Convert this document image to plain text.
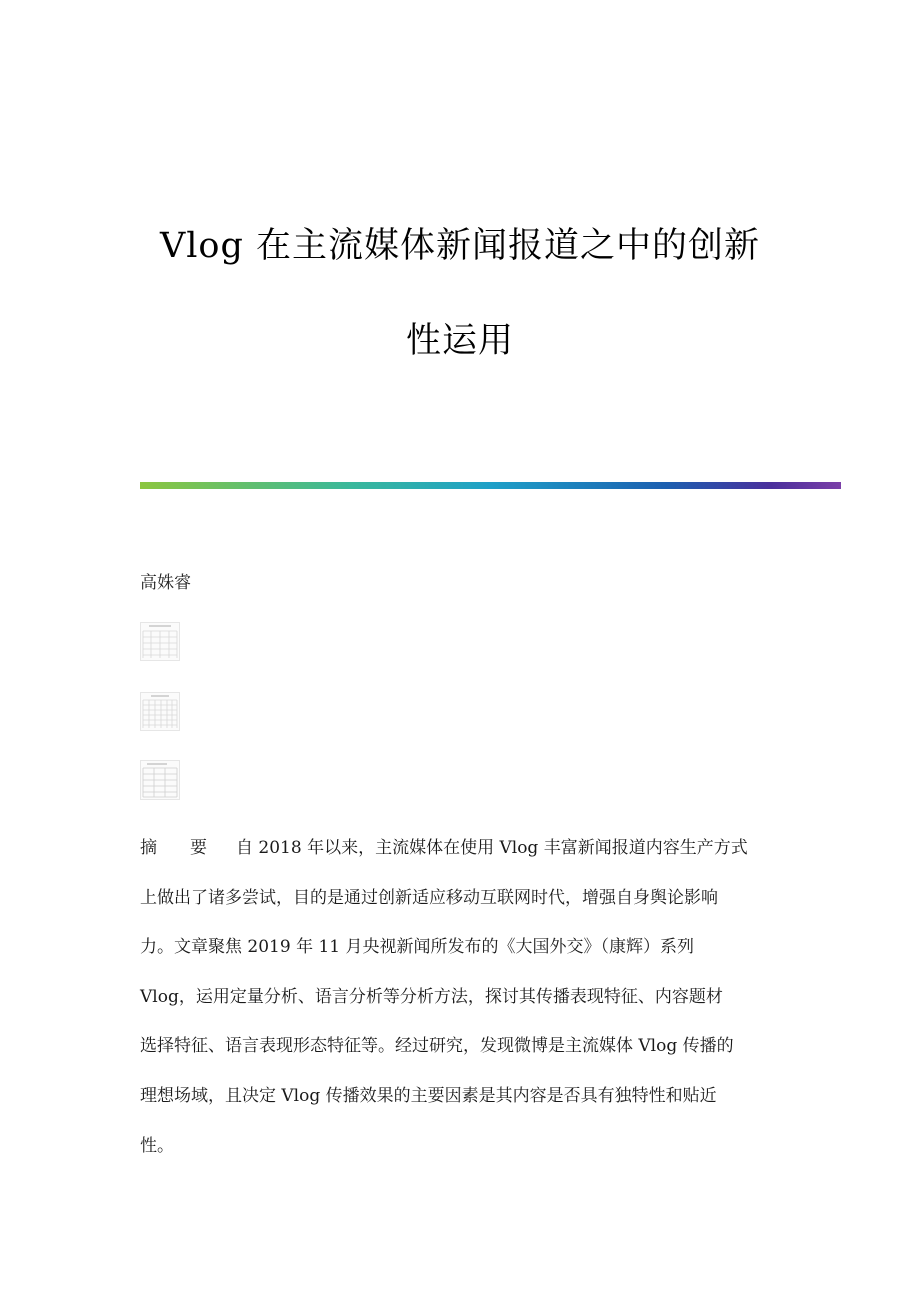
Vlog 在主流媒体新闻报道之中的创新
性运用
高姝睿
摘 要 自 2018 年以来，主流媒体在使用 Vlog 丰富新闻报道内容生产方式
上做出了诸多尝试，目的是通过创新适应移动互联网时代，增强自身舆论影响
力。文章聚焦 2019 年 11 月央视新闻所发布的《大国外交》（康辉）系列
Vlog，运用定量分析、语言分析等分析方法，探讨其传播表现特征、内容题材
选择特征、语言表现形态特征等。经过研究，发现微博是主流媒体 Vlog 传播的
理想场域，且决定 Vlog 传播效果的主要因素是其内容是否具有独特性和贴近
性。
